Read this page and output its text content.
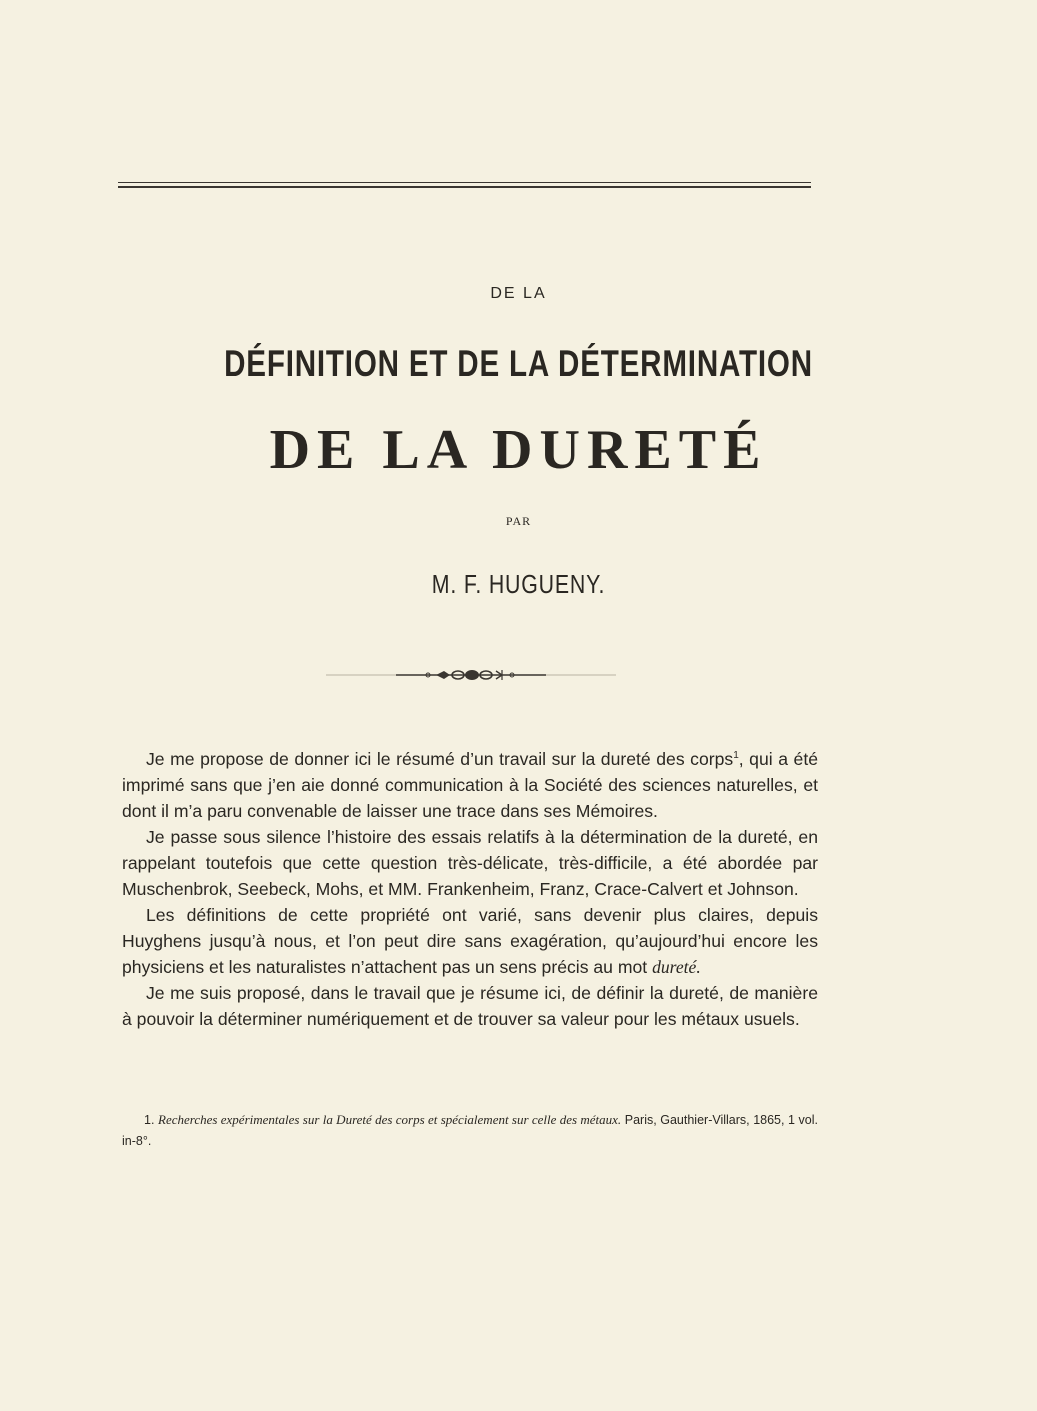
DE LA
DÉFINITION ET DE LA DÉTERMINATION
DE LA DURETÉ
PAR
M. F. HUGUENY.

Je me propose de donner ici le résumé d’un travail sur la dureté des corps$^1$, qui a été imprimé sans que j’en aie donné communication à la Société des sciences naturelles, et dont il m’a paru convenable de laisser une trace dans ses Mémoires.

Je passe sous silence l’histoire des essais relatifs à la détermination de la dureté, en rappelant toutefois que cette question très-délicate, très-difficile, a été abordée par Muschenbrok, Seebeck, Mohs, et MM. Frankenheim, Franz, Crace-Calvert et Johnson.

Les définitions de cette propriété ont varié, sans devenir plus claires, depuis Huyghens jusqu’à nous, et l’on peut dire sans exagération, qu’aujourd’hui encore les physiciens et les naturalistes n’attachent pas un sens précis au mot dureté.

Je me suis proposé, dans le travail que je résume ici, de définir la dureté, de manière à pouvoir la déterminer numériquement et de trouver sa valeur pour les métaux usuels.

1. Recherches expérimentales sur la Dureté des corps et spécialement sur celle des métaux. Paris, Gauthier-Villars, 1865, 1 vol. in-8°.
